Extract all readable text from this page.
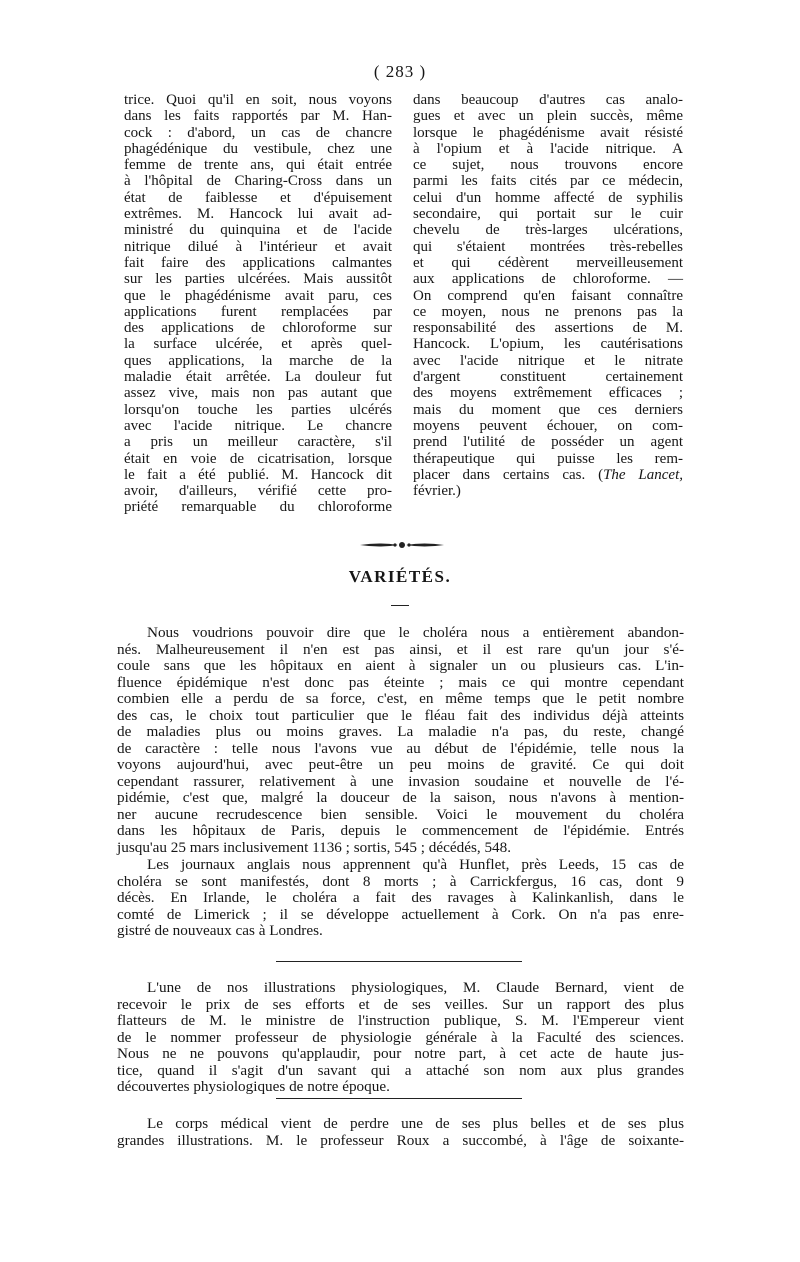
( 283 )
trice. Quoi qu'il en soit, nous voyons
dans les faits rapportés par M. Han-
cock : d'abord, un cas de chancre
phagédénique du vestibule, chez une
femme de trente ans, qui était entrée
à l'hôpital de Charing-Cross dans un
état de faiblesse et d'épuisement
extrêmes. M. Hancock lui avait ad-
ministré du quinquina et de l'acide
nitrique dilué à l'intérieur et avait
fait faire des applications calmantes
sur les parties ulcérées. Mais aussitôt
que le phagédénisme avait paru, ces
applications furent remplacées par
des applications de chloroforme sur
la surface ulcérée, et après quel-
ques applications, la marche de la
maladie était arrêtée. La douleur fut
assez vive, mais non pas autant que
lorsqu'on touche les parties ulcérés
avec l'acide nitrique. Le chancre
a pris un meilleur caractère, s'il
était en voie de cicatrisation, lorsque
le fait a été publié. M. Hancock dit
avoir, d'ailleurs, vérifié cette pro-
priété remarquable du chloroforme
dans beaucoup d'autres cas analo-
gues et avec un plein succès, même
lorsque le phagédénisme avait résisté
à l'opium et à l'acide nitrique. A
ce sujet, nous trouvons encore
parmi les faits cités par ce médecin,
celui d'un homme affecté de syphilis
secondaire, qui portait sur le cuir
chevelu de très-larges ulcérations,
qui s'étaient montrées très-rebelles
et qui cédèrent merveilleusement
aux applications de chloroforme. —
On comprend qu'en faisant connaître
ce moyen, nous ne prenons pas la
responsabilité des assertions de M.
Hancock. L'opium, les cautérisations
avec l'acide nitrique et le nitrate
d'argent constituent certainement
des moyens extrêmement efficaces ;
mais du moment que ces derniers
moyens peuvent échouer, on com-
prend l'utilité de posséder un agent
thérapeutique qui puisse les rem-
placer dans certains cas. (The Lancet,
février.)
VARIÉTÉS.
Nous voudrions pouvoir dire que le choléra nous a entièrement abandon-
nés. Malheureusement il n'en est pas ainsi, et il est rare qu'un jour s'é-
coule sans que les hôpitaux en aient à signaler un ou plusieurs cas. L'in-
fluence épidémique n'est donc pas éteinte ; mais ce qui montre cependant
combien elle a perdu de sa force, c'est, en même temps que le petit nombre
des cas, le choix tout particulier que le fléau fait des individus déjà atteints
de maladies plus ou moins graves. La maladie n'a pas, du reste, changé
de caractère : telle nous l'avons vue au début de l'épidémie, telle nous la
voyons aujourd'hui, avec peut-être un peu moins de gravité. Ce qui doit
cependant rassurer, relativement à une invasion soudaine et nouvelle de l'é-
pidémie, c'est que, malgré la douceur de la saison, nous n'avons à mention-
ner aucune recrudescence bien sensible. Voici le mouvement du choléra
dans les hôpitaux de Paris, depuis le commencement de l'épidémie. Entrés
jusqu'au 25 mars inclusivement 1136 ; sortis, 545 ; décédés, 548.
Les journaux anglais nous apprennent qu'à Hunflet, près Leeds, 15 cas de
choléra se sont manifestés, dont 8 morts ; à Carrickfergus, 16 cas, dont 9
décès. En Irlande, le choléra a fait des ravages à Kalinkanlish, dans le
comté de Limerick ; il se développe actuellement à Cork. On n'a pas enre-
gistré de nouveaux cas à Londres.
L'une de nos illustrations physiologiques, M. Claude Bernard, vient de
recevoir le prix de ses efforts et de ses veilles. Sur un rapport des plus
flatteurs de M. le ministre de l'instruction publique, S. M. l'Empereur vient
de le nommer professeur de physiologie générale à la Faculté des sciences.
Nous ne ne pouvons qu'applaudir, pour notre part, à cet acte de haute jus-
tice, quand il s'agit d'un savant qui a attaché son nom aux plus grandes
découvertes physiologiques de notre époque.
Le corps médical vient de perdre une de ses plus belles et de ses plus
grandes illustrations. M. le professeur Roux a succombé, à l'âge de soixante-
